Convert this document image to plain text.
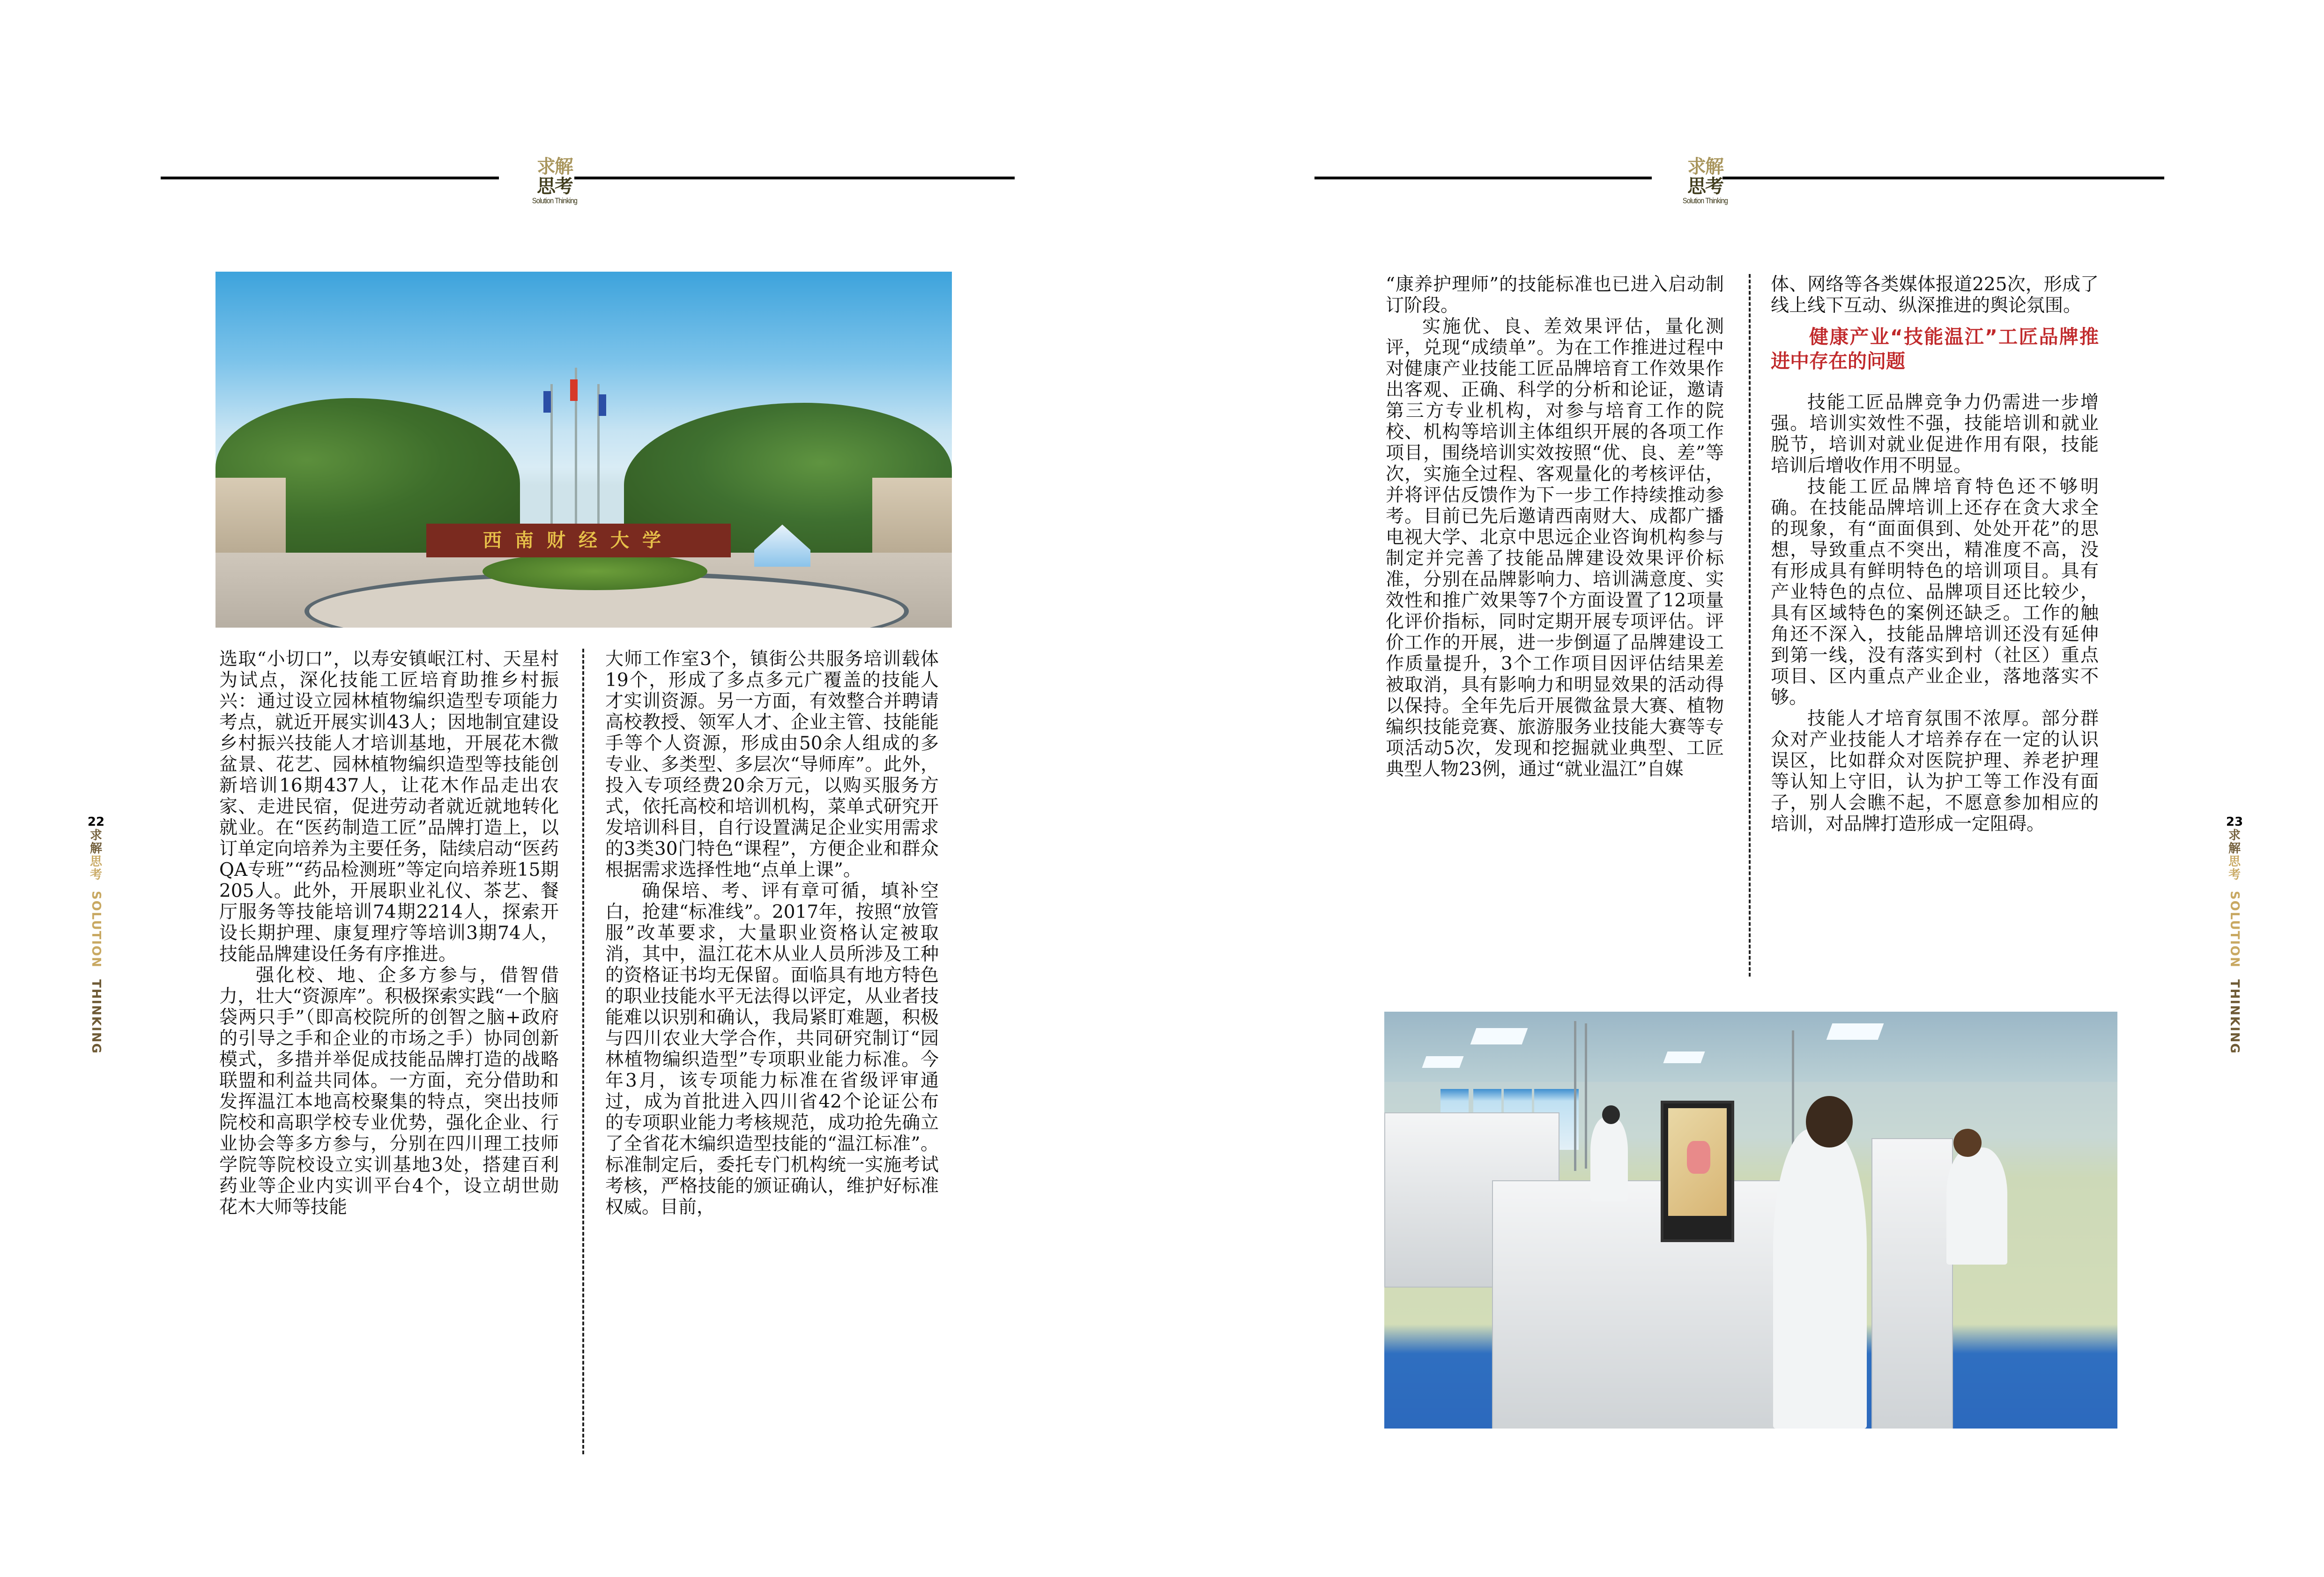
求解
思考
Solution Thinking
求解
思考
Solution Thinking
22
求解
思考
SOLUTION
THINKING
23
求解
思考
SOLUTION
THINKING
西南财经大学

选取“小切口”，以寿安镇岷江村、天星村为试点，深化技能工匠培育助推乡村振兴：通过设立园林植物编织造型专项能力考点，就近开展实训43人；因地制宜建设乡村振兴技能人才培训基地，开展花木微盆景、花艺、园林植物编织造型等技能创新培训16期437人，让花木作品走出农家、走进民宿，促进劳动者就近就地转化就业。在“医药制造工匠”品牌打造上，以订单定向培养为主要任务，陆续启动“医药QA专班”“药品检测班”等定向培养班15期205人。此外，开展职业礼仪、茶艺、餐厅服务等技能培训74期2214人，探索开设长期护理、康复理疗等培训3期74人，技能品牌建设任务有序推进。

强化校、地、企多方参与，借智借力，壮大“资源库”。积极探索实践“一个脑袋两只手”（即高校院所的创智之脑+政府的引导之手和企业的市场之手）协同创新模式，多措并举促成技能品牌打造的战略联盟和利益共同体。一方面，充分借助和发挥温江本地高校聚集的特点，突出技师院校和高职学校专业优势，强化企业、行业协会等多方参与，分别在四川理工技师学院等院校设立实训基地3处，搭建百利药业等企业内实训平台4个，设立胡世勋花木大师等技能

大师工作室3个，镇街公共服务培训载体19个，形成了多点多元广覆盖的技能人才实训资源。另一方面，有效整合并聘请高校教授、领军人才、企业主管、技能能手等个人资源，形成由50余人组成的多专业、多类型、多层次“导师库”。此外，投入专项经费20余万元，以购买服务方式，依托高校和培训机构，菜单式研究开发培训科目，自行设置满足企业实用需求的3类30门特色“课程”，方便企业和群众根据需求选择性地“点单上课”。

确保培、考、评有章可循，填补空白，抢建“标准线”。2017年，按照“放管服”改革要求，大量职业资格认定被取消，其中，温江花木从业人员所涉及工种的资格证书均无保留。面临具有地方特色的职业技能水平无法得以评定，从业者技能难以识别和确认，我局紧盯难题，积极与四川农业大学合作，共同研究制订“园林植物编织造型”专项职业能力标准。今年3月，该专项能力标准在省级评审通过，成为首批进入四川省42个论证公布的专项职业能力考核规范，成功抢先确立了全省花木编织造型技能的“温江标准”。标准制定后，委托专门机构统一实施考试考核，严格技能的颁证确认，维护好标准权威。目前，

“康养护理师”的技能标准也已进入启动制订阶段。

实施优、良、差效果评估，量化测评，兑现“成绩单”。为在工作推进过程中对健康产业技能工匠品牌培育工作效果作出客观、正确、科学的分析和论证，邀请第三方专业机构，对参与培育工作的院校、机构等培训主体组织开展的各项工作项目，围绕培训实效按照“优、良、差”等次，实施全过程、客观量化的考核评估，并将评估反馈作为下一步工作持续推动参考。目前已先后邀请西南财大、成都广播电视大学、北京中思远企业咨询机构参与制定并完善了技能品牌建设效果评价标准，分别在品牌影响力、培训满意度、实效性和推广效果等7个方面设置了12项量化评价指标，同时定期开展专项评估。评价工作的开展，进一步倒逼了品牌建设工作质量提升，3个工作项目因评估结果差被取消，具有影响力和明显效果的活动得以保持。全年先后开展微盆景大赛、植物编织技能竞赛、旅游服务业技能大赛等专项活动5次，发现和挖掘就业典型、工匠典型人物23例，通过“就业温江”自媒

体、网络等各类媒体报道225次，形成了线上线下互动、纵深推进的舆论氛围。

健康产业“技能温江”工匠品牌推进中存在的问题

技能工匠品牌竞争力仍需进一步增强。培训实效性不强，技能培训和就业脱节，培训对就业促进作用有限，技能培训后增收作用不明显。

技能工匠品牌培育特色还不够明确。在技能品牌培训上还存在贪大求全的现象，有“面面俱到、处处开花”的思想，导致重点不突出，精准度不高，没有形成具有鲜明特色的培训项目。具有产业特色的点位、品牌项目还比较少，具有区域特色的案例还缺乏。工作的触角还不深入，技能品牌培训还没有延伸到第一线，没有落实到村（社区）重点项目、区内重点产业企业，落地落实不够。

技能人才培育氛围不浓厚。部分群众对产业技能人才培养存在一定的认识误区，比如群众对医院护理、养老护理等认知上守旧，认为护工等工作没有面子，别人会瞧不起，不愿意参加相应的培训，对品牌打造形成一定阻碍。
